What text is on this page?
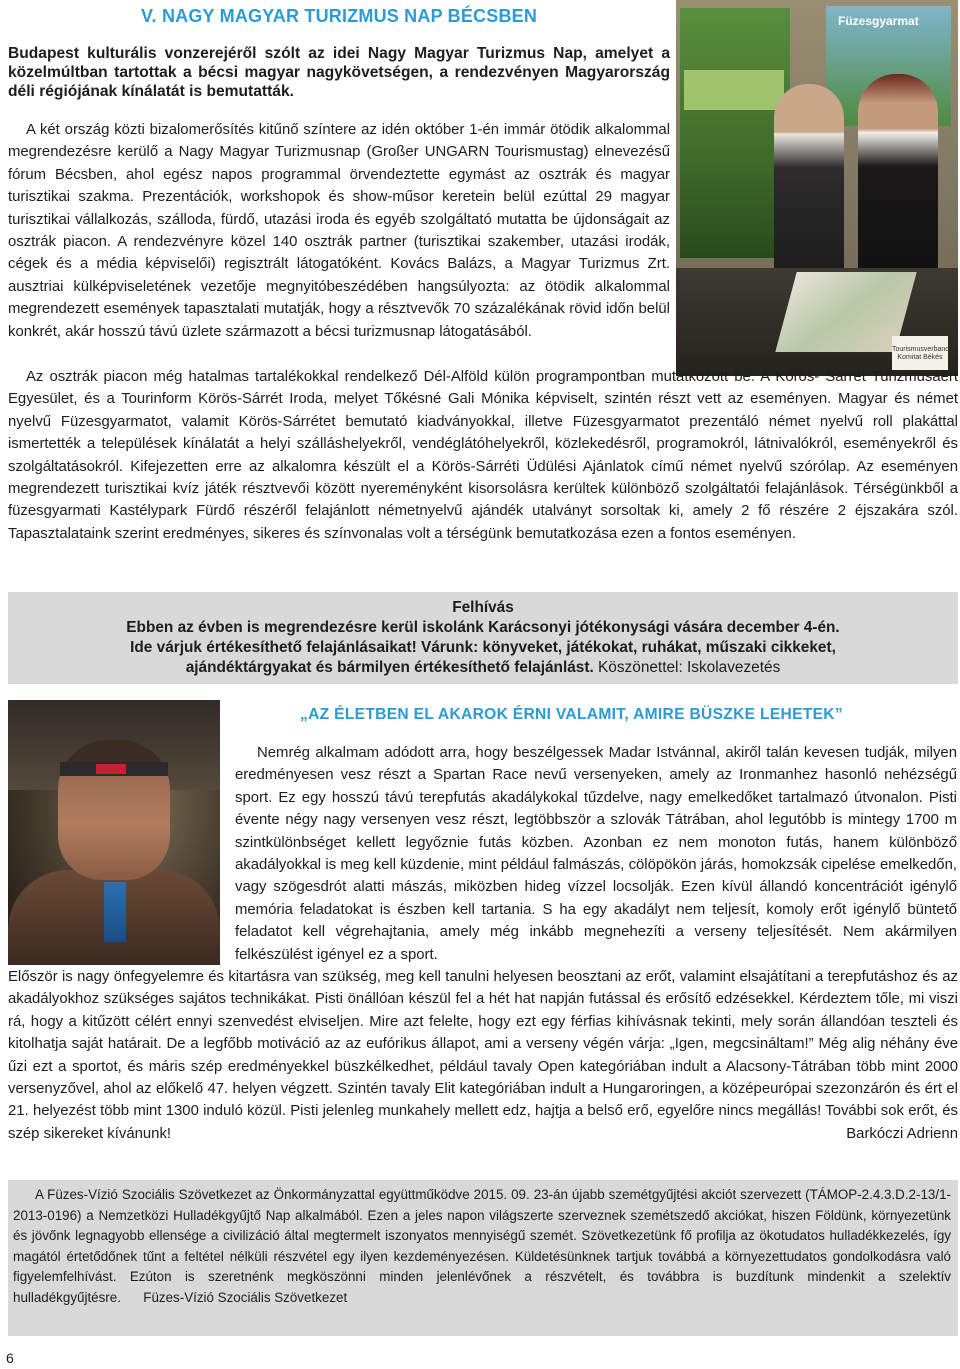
V. NAGY MAGYAR TURIZMUS NAP BÉCSBEN
Budapest kulturális vonzerejéről szólt az idei Nagy Magyar Turizmus Nap, amelyet a közelmúltban tartottak a bécsi magyar nagykövetségen, a rendezvényen Magyarország déli régiójának kínálatát is bemutatták.
A két ország közti bizalomerősítés kitűnő színtere az idén október 1-én immár ötödik alkalommal megrendezésre kerülő a Nagy Magyar Turizmusnap (Großer UNGARN Tourismustag) elnevezésű fórum Bécsben, ahol egész napos programmal örvendeztette egymást az osztrák és magyar turisztikai szakma. Prezentációk, workshopok és show-műsor keretein belül ezúttal 29 magyar turisztikai vállalkozás, szálloda, fürdő, utazási iroda és egyéb szolgáltató mutatta be újdonságait az osztrák piacon. A rendezvényre közel 140 osztrák partner (turisztikai szakember, utazási irodák, cégek és a média képviselői) regisztrált látogatóként. Kovács Balázs, a Magyar Turizmus Zrt. ausztriai külképviseletének vezetője megnyitóbeszédében hangsúlyozta: az ötödik alkalommal megrendezett események tapasztalati mutatják, hogy a résztvevők 70 százalékának rövid időn belül konkrét, akár hosszú távú üzlete származott a bécsi turizmusnap látogatásából.
Füzesgyarmat
Tourismusverband Komitat Békés
Az osztrák piacon még hatalmas tartalékokkal rendelkező Dél-Alföld külön programpontban mutatkozott be. A Körös- Sárrét Turizmusáért Egyesület, és a Tourinform Körös-Sárrét Iroda, melyet Tőkésné Gali Mónika képviselt, szintén részt vett az eseményen. Magyar és német nyelvű Füzesgyarmatot, valamit Körös-Sárrétet bemutató kiadványokkal, illetve Füzesgyarmatot prezentáló német nyelvű roll plakáttal ismertették a települések kínálatát a helyi szálláshelyekről, vendéglátóhelyekről, közlekedésről, programokról, látnivalókról, eseményekről és szolgáltatásokról. Kifejezetten erre az alkalomra készült el a Körös-Sárréti Üdülési Ajánlatok című német nyelvű szórólap. Az eseményen megrendezett turisztikai kvíz játék résztvevői között nyereményként kisorsolásra kerültek különböző szolgáltatói felajánlások. Térségünkből a füzesgyarmati Kastélypark Fürdő részéről felajánlott németnyelvű ajándék utalványt sorsoltak ki, amely 2 fő részére 2 éjszakára szól. Tapasztalataink szerint eredményes, sikeres és színvonalas volt a térségünk bemutatkozása ezen a fontos eseményen.
Felhívás
Ebben az évben is megrendezésre kerül iskolánk Karácsonyi jótékonysági vására december 4-én.
Ide várjuk értékesíthető felajánlásaikat! Várunk: könyveket, játékokat, ruhákat, műszaki cikkeket,
ajándéktárgyakat és bármilyen értékesíthető felajánlást. Köszönettel: Iskolavezetés
„AZ ÉLETBEN EL AKAROK ÉRNI VALAMIT, AMIRE BÜSZKE LEHETEK”
Nemrég alkalmam adódott arra, hogy beszélgessek Madar Istvánnal, akiről talán kevesen tudják, milyen eredményesen vesz részt a Spartan Race nevű versenyeken, amely az Ironmanhez hasonló nehézségű sport. Ez egy hosszú távú terepfutás akadálykokal tűzdelve, nagy emelkedőket tartalmazó útvonalon. Pisti évente négy nagy versenyen vesz részt, legtöbbször a szlovák Tátrában, ahol legutóbb is mintegy 1700 m szintkülönbséget kellett legyőznie futás közben. Azonban ez nem monoton futás, hanem különböző akadályokkal is meg kell küzdenie, mint például falmászás, cölöpökön járás, homokzsák cipelése emelkedőn, vagy szögesdrót alatti mászás, miközben hideg vízzel locsolják. Ezen kívül állandó koncentrációt igénylő memória feladatokat is észben kell tartania. S ha egy akadályt nem teljesít, komoly erőt igénylő büntető feladatot kell végrehajtania, amely még inkább megnehezíti a verseny teljesítését. Nem akármilyen felkészülést igényel ez a sport.
Először is nagy önfegyelemre és kitartásra van szükség, meg kell tanulni helyesen beosztani az erőt, valamint elsajátítani a terepfutáshoz és az akadályokhoz szükséges sajátos technikákat. Pisti önállóan készül fel a hét hat napján futással és erősítő edzésekkel. Kérdeztem tőle, mi viszi rá, hogy a kitűzött célért ennyi szenvedést elviseljen. Mire azt felelte, hogy ezt egy férfias kihívásnak tekinti, mely során állandóan teszteli és kitolhatja saját határait. De a legfőbb motiváció az az eufórikus állapot, ami a verseny végén várja: „Igen, megcsináltam!” Még alig néhány éve űzi ezt a sportot, és máris szép eredményekkel büszkélkedhet, például tavaly Open kategóriában indult a Alacsony-Tátrában több mint 2000 versenyzővel, ahol az előkelő 47. helyen végzett. Szintén tavaly Elit kategóriában indult a Hungaroringen, a középeurópai szezonzárón és ért el 21. helyezést több mint 1300 induló közül. Pisti jelenleg munkahely mellett edz, hajtja a belső erő, egyelőre nincs megállás! További sok erőt, és szép sikereket kívánunk!	Barkóczi Adrienn
A Füzes-Vízió Szociális Szövetkezet az Önkormányzattal együttműködve 2015. 09. 23-án újabb szemétgyűjtési akciót szervezett (TÁMOP-2.4.3.D.2-13/1-2013-0196) a Nemzetközi Hulladékgyűjtő Nap alkalmából. Ezen a jeles napon világszerte szerveznek szemétszedő akciókat, hiszen Földünk, környezetünk és jövőnk legnagyobb ellensége a civilizáció által megtermelt iszonyatos mennyiségű szemét. Szövetkezetünk fő profilja az ökotudatos hulladékkezelés, így magától értetődőnek tűnt a feltétel nélküli részvétel egy ilyen kezdeményezésen. Küldetésünknek tartjuk továbbá a környezettudatos gondolkodásra való figyelemfelhívást. Ezúton is szeretnénk megköszönni minden jelenlévőnek a részvételt, és továbbra is buzdítunk mindenkit a szelektív hulladékgyűjtésre. Füzes-Vízió Szociális Szövetkezet
6
